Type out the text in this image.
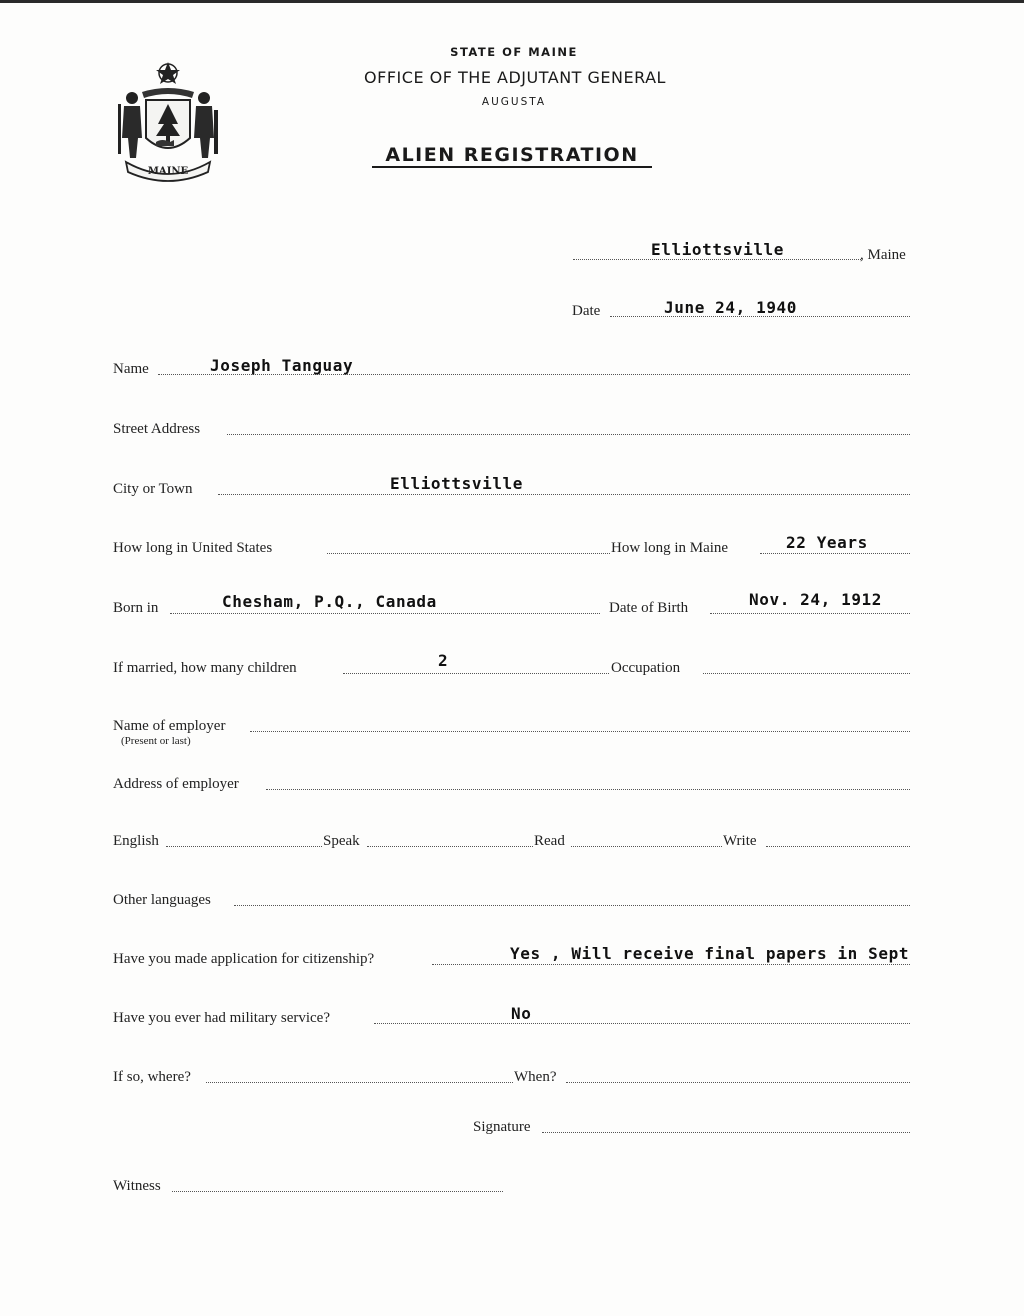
MAINE
STATE OF MAINE
OFFICE OF THE ADJUTANT GENERAL
AUGUSTA
ALIEN REGISTRATION
Elliottsville	, Maine
Date	June 24, 1940
Name	Joseph Tanguay
Street Address
City or Town	Elliottsville
How long in United States	How long in Maine	22 Years
Born in	Chesham, P.Q., Canada	Date of Birth	Nov. 24, 1912
If married, how many children	2	Occupation
Name of employer
(Present or last)
Address of employer
English	Speak	Read	Write
Other languages
Have you made application for citizenship?	Yes , Will receive final papers in Sept
Have you ever had military service?	No
If so, where?	When?
Signature
Witness
